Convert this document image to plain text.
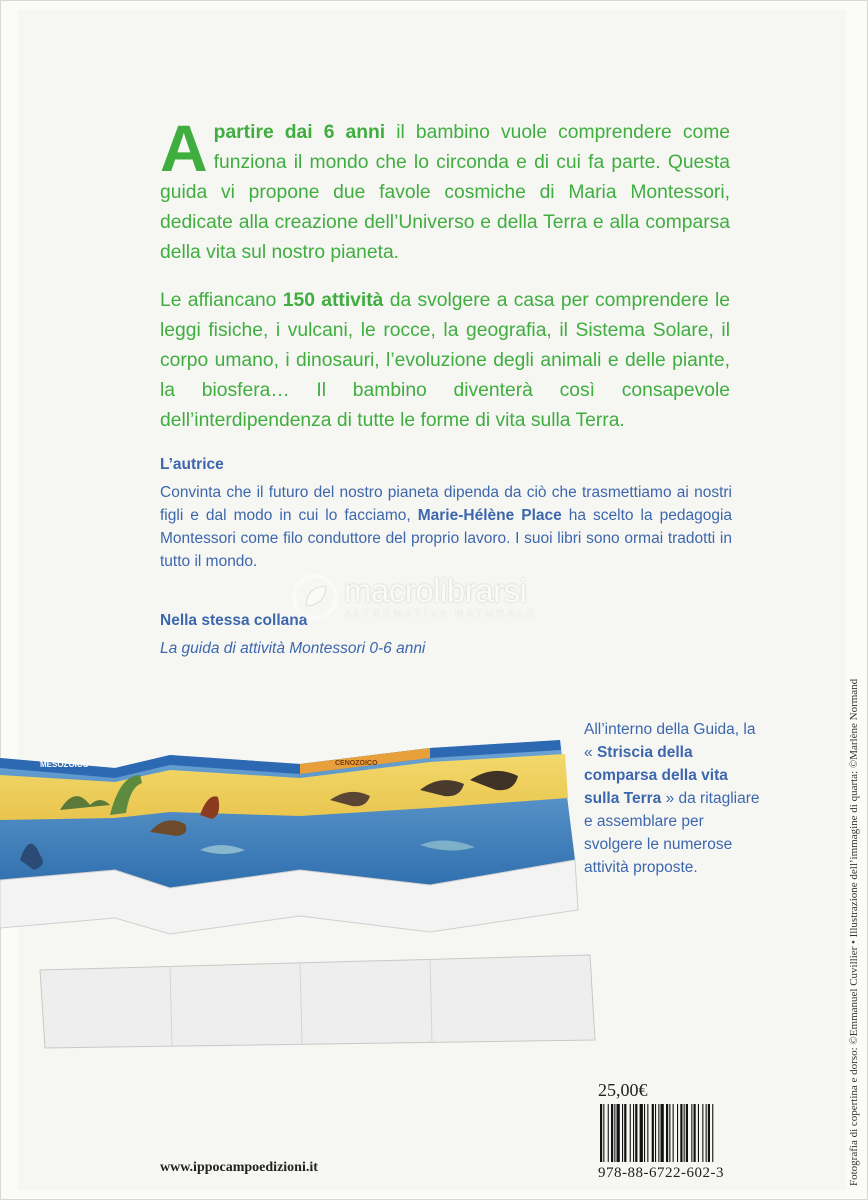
Apartire dai 6 anni il bambino vuole comprendere come funziona il mondo che lo circonda e di cui fa parte. Questa guida vi propone due favole cosmiche di Maria Montessori, dedicate alla creazione dell’Universo e della Terra e alla comparsa della vita sul nostro pianeta.
Le affiancano 150 attività da svolgere a casa per comprendere le leggi fisiche, i vulcani, le rocce, la geografia, il Sistema Solare, il corpo umano, i dinosauri, l’evoluzione degli animali e delle piante, la biosfera… Il bambino diventerà così consapevole dell’interdipendenza di tutte le forme di vita sulla Terra.
L’autrice
Convinta che il futuro del nostro pianeta dipenda da ciò che trasmettiamo ai nostri figli e dal modo in cui lo facciamo, Marie-Hélène Place ha scelto la pedagogia Montessori come filo conduttore del proprio lavoro. I suoi libri sono ormai tradotti in tutto il mondo.
Nella stessa collana
La guida di attività Montessori 0-6 anni
macrolibrarsi
ALTERNATIVA NATURALE
MESOZOICO	CENOZOICO
All’interno della Guida, la « Striscia della comparsa della vita sulla Terra » da ritagliare e assemblare per svolgere le numerose attività proposte.
25,00€
978-88-6722-602-3
www.ippocampoedizioni.it	Fotografia di copertina e dorso: ©Emmanuel Cuvillier • Illustrazione dell’immagine di quarta: ©Marlène Normand
